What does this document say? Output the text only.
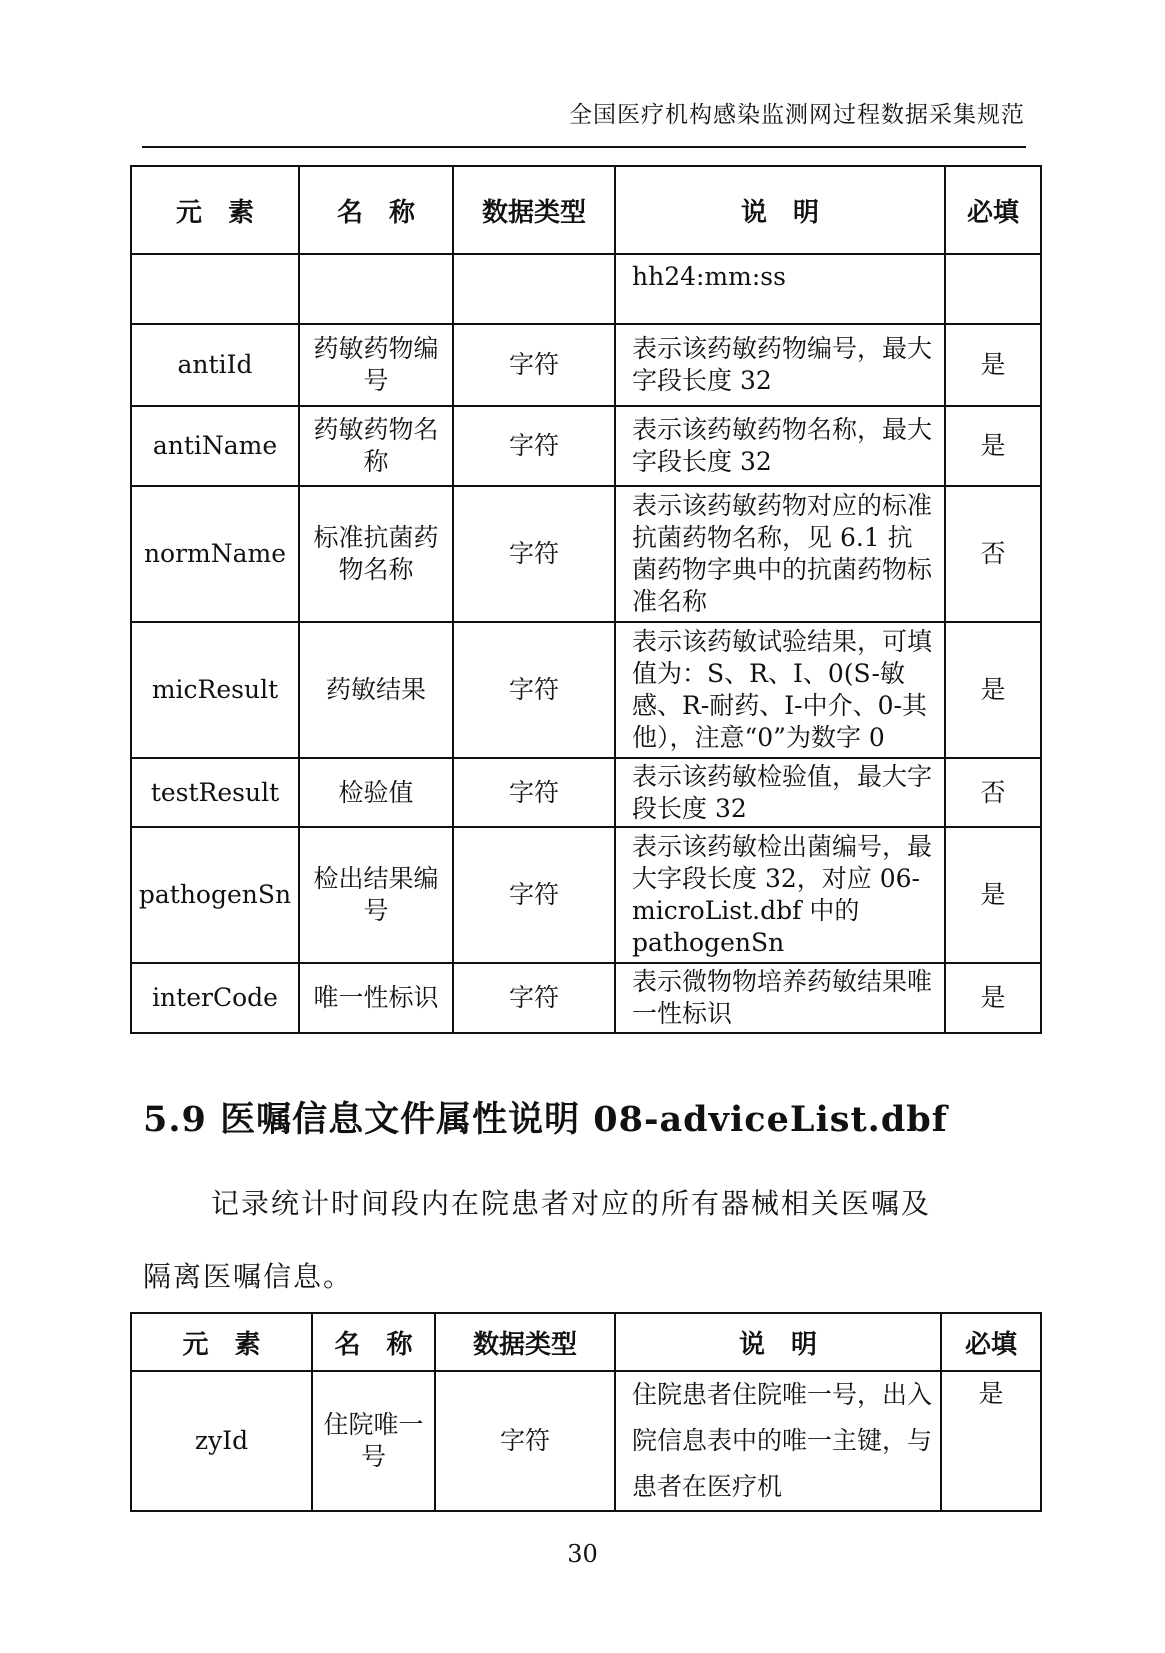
全国医疗机构感染监测网过程数据采集规范
元　素	名　称	数据类型	说　明	必填
			hh24:mm:ss	
antiId	药敏药物编号	字符	表示该药敏药物编号，最大字段长度 32	是
antiName	药敏药物名称	字符	表示该药敏药物名称，最大字段长度 32	是
normName	标准抗菌药物名称	字符	表示该药敏药物对应的标准抗菌药物名称，见 6.1 抗菌药物字典中的抗菌药物标准名称	否
micResult	药敏结果	字符	表示该药敏试验结果，可填值为：S、R、I、0(S-敏感、R-耐药、I-中介、0-其他），注意“0”为数字 0	是
testResult	检验值	字符	表示该药敏检验值，最大字段长度 32	否
pathogenSn	检出结果编号	字符	表示该药敏检出菌编号，最大字段长度 32，对应 06-microList.dbf 中的 pathogenSn	是
interCode	唯一性标识	字符	表示微物物培养药敏结果唯一性标识	是
5.9 医嘱信息文件属性说明 08-adviceList.dbf
记录统计时间段内在院患者对应的所有器械相关医嘱及
隔离医嘱信息。
元　素	名　称	数据类型	说　明	必填
zyId	住院唯一号	字符	住院患者住院唯一号，出入院信息表中的唯一主键，与患者在医疗机	是
30
